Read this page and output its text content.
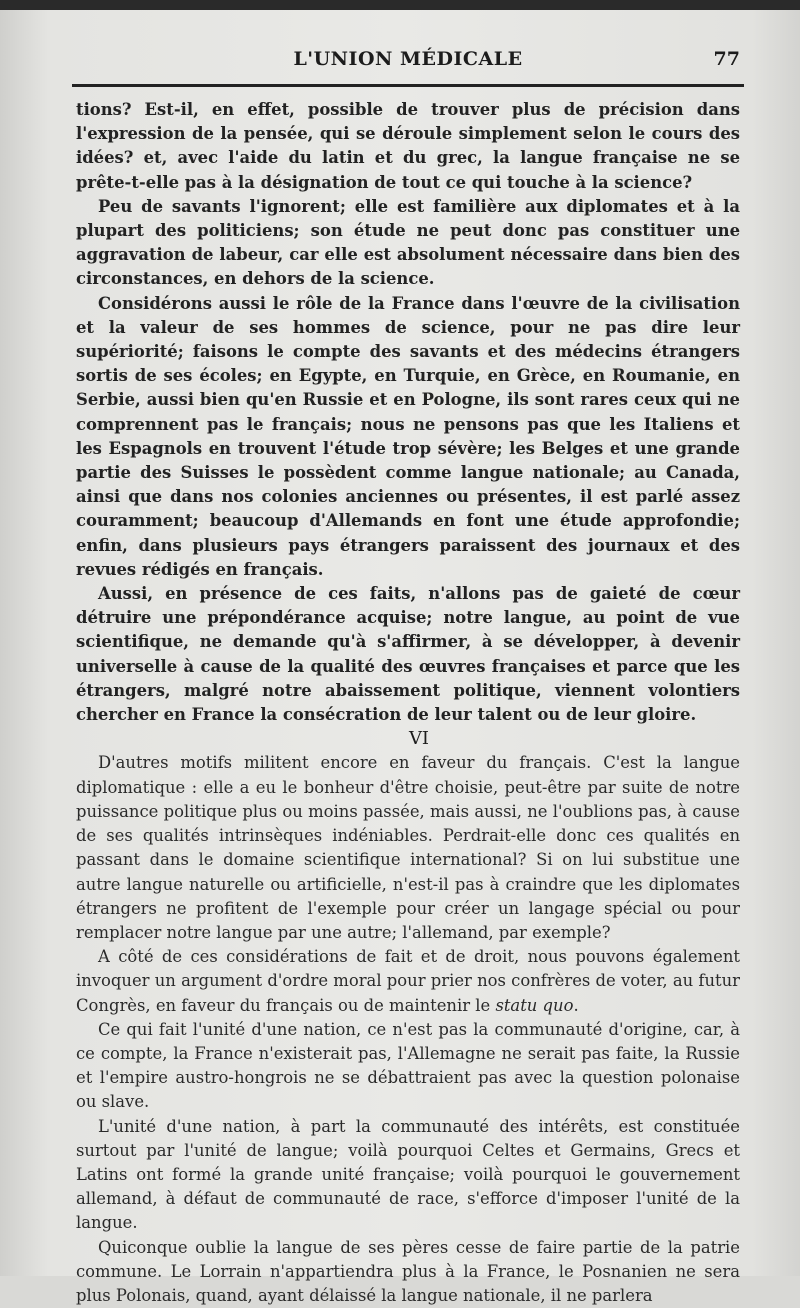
L'UNION MÉDICALE	77

tions? Est-il, en effet, possible de trouver plus de précision dans l'expression de la pensée, qui se déroule simplement selon le cours des idées? et, avec l'aide du latin et du grec, la langue française ne se prête-t-elle pas à la désignation de tout ce qui touche à la science?

Peu de savants l'ignorent; elle est familière aux diplomates et à la plupart des politiciens; son étude ne peut donc pas constituer une aggravation de labeur, car elle est absolument nécessaire dans bien des circonstances, en dehors de la science.

Considérons aussi le rôle de la France dans l'œuvre de la civilisation et la valeur de ses hommes de science, pour ne pas dire leur supériorité; faisons le compte des savants et des médecins étrangers sortis de ses écoles; en Egypte, en Turquie, en Grèce, en Roumanie, en Serbie, aussi bien qu'en Russie et en Pologne, ils sont rares ceux qui ne comprennent pas le français; nous ne pensons pas que les Italiens et les Espagnols en trouvent l'étude trop sévère; les Belges et une grande partie des Suisses le possèdent comme langue nationale; au Canada, ainsi que dans nos colonies anciennes ou présentes, il est parlé assez couramment; beaucoup d'Allemands en font une étude approfondie; enfin, dans plusieurs pays étrangers paraissent des journaux et des revues rédigés en français.

Aussi, en présence de ces faits, n'allons pas de gaieté de cœur détruire une prépondérance acquise; notre langue, au point de vue scientifique, ne demande qu'à s'affirmer, à se développer, à devenir universelle à cause de la qualité des œuvres françaises et parce que les étrangers, malgré notre abaissement politique, viennent volontiers chercher en France la consécration de leur talent ou de leur gloire.

VI

D'autres motifs militent encore en faveur du français. C'est la langue diplomatique : elle a eu le bonheur d'être choisie, peut-être par suite de notre puissance politique plus ou moins passée, mais aussi, ne l'oublions pas, à cause de ses qualités intrinsèques indéniables. Perdrait-elle donc ces qualités en passant dans le domaine scientifique international? Si on lui substitue une autre langue naturelle ou artificielle, n'est-il pas à craindre que les diplomates étrangers ne profitent de l'exemple pour créer un langage spécial ou pour remplacer notre langue par une autre; l'allemand, par exemple?

A côté de ces considérations de fait et de droit, nous pouvons également invoquer un argument d'ordre moral pour prier nos confrères de voter, au futur Congrès, en faveur du français ou de maintenir le statu quo.

Ce qui fait l'unité d'une nation, ce n'est pas la communauté d'origine, car, à ce compte, la France n'existerait pas, l'Allemagne ne serait pas faite, la Russie et l'empire austro-hongrois ne se débattraient pas avec la question polonaise ou slave.

L'unité d'une nation, à part la communauté des intérêts, est constituée surtout par l'unité de langue; voilà pourquoi Celtes et Germains, Grecs et Latins ont formé la grande unité française; voilà pourquoi le gouvernement allemand, à défaut de communauté de race, s'efforce d'imposer l'unité de la langue.

Quiconque oublie la langue de ses pères cesse de faire partie de la patrie commune. Le Lorrain n'appartiendra plus à la France, le Posnanien ne sera plus Polonais, quand, ayant délaissé la langue nationale, il ne parlera
